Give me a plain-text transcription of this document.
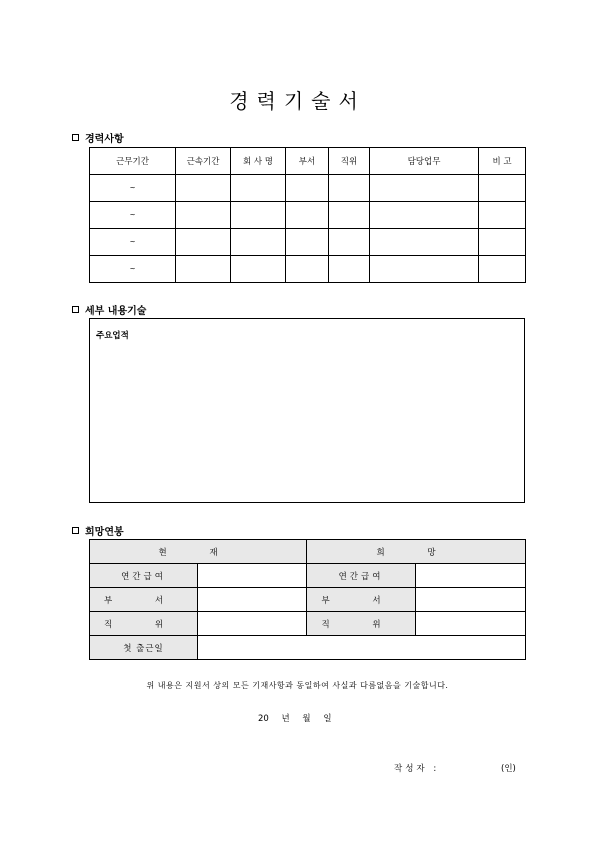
경력기술서
경력사항
근무기간	근속기간	회 사 명	부서	직위	담당업무	비 고
~						
~						
~						
~						
세부 내용기술
주요업적
희망연봉
현 재		희 망	
연간급여		연간급여	
부 서		부 서	
직 위		직 위	
첫 출근일			
위 내용은 지원서 상의 모든 기재사항과 동일하여 사실과 다름없음을 기술합니다.
20 년 월 일
작성자 :	(인)
